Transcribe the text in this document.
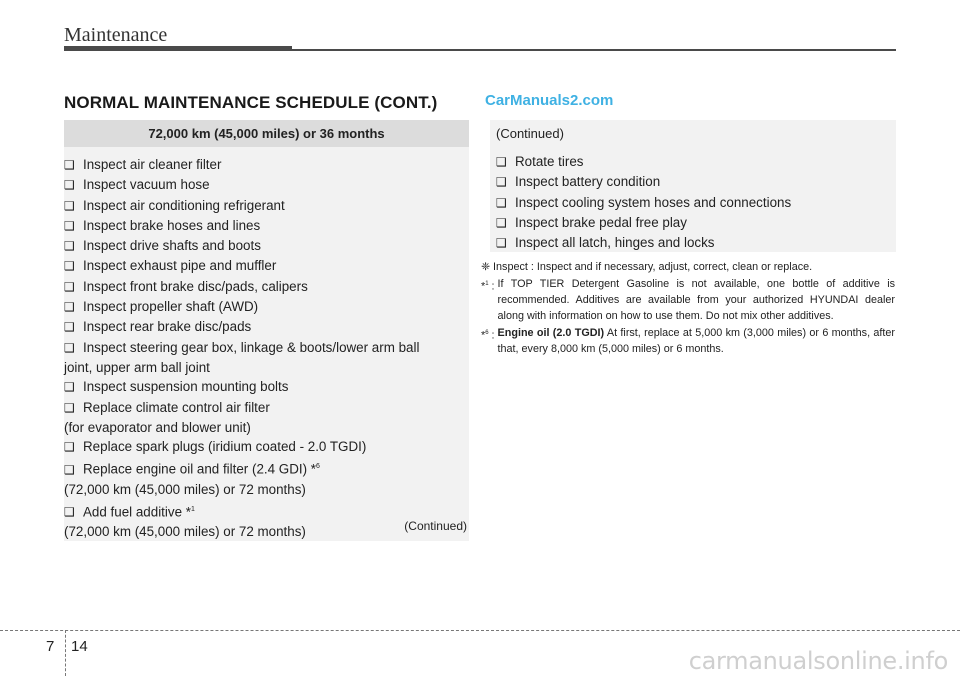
Maintenance
NORMAL MAINTENANCE SCHEDULE (CONT.)	CarManuals2.com
72,000 km (45,000 miles) or 36 months
❑ Inspect air cleaner filter
❑ Inspect vacuum hose
❑ Inspect air conditioning refrigerant
❑ Inspect brake hoses and lines
❑ Inspect drive shafts and boots
❑ Inspect exhaust pipe and muffler
❑ Inspect front brake disc/pads, calipers
❑ Inspect propeller shaft (AWD)
❑ Inspect rear brake disc/pads
❑ Inspect steering gear box, linkage & boots/lower arm ball
joint, upper arm ball joint
❑ Inspect suspension mounting bolts
❑ Replace climate control air filter
(for evaporator and blower unit)
❑ Replace spark plugs (iridium coated - 2.0 TGDI)
❑ Replace engine oil and filter (2.4 GDI) *$^6$
(72,000 km (45,000 miles) or 72 months)
❑ Add fuel additive *$^1$
(72,000 km (45,000 miles) or 72 months)	(Continued)
(Continued)
❑ Rotate tires
❑ Inspect battery condition
❑ Inspect cooling system hoses and connections
❑ Inspect brake pedal free play
❑ Inspect all latch, hinges and locks
❈ Inspect : Inspect and if necessary, adjust, correct, clean or replace.
*$^1$ : If TOP TIER Detergent Gasoline is not available, one bottle of additive is recommended. Additives are available from your authorized HYUNDAI dealer along with information on how to use them. Do not mix other additives.
*$^6$ : Engine oil (2.0 TGDI) At first, replace at 5,000 km (3,000 miles) or 6 months, after that, every 8,000 km (5,000 miles) or 6 months.
7 14
carmanualsonline.info
